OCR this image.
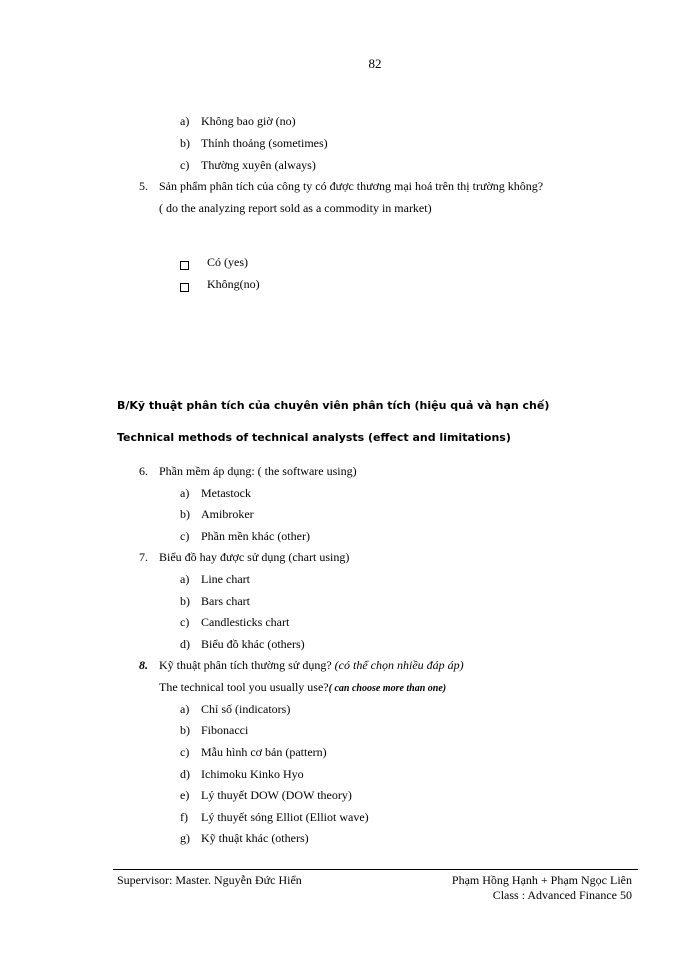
82
a) Không bao giờ (no)
b) Thỉnh thoảng (sometimes)
c) Thường xuyên (always)
5. Sản phẩm phân tích của công ty có được thương mại hoá trên thị trường không?
( do the analyzing report sold as a commodity in market)
Có (yes)
Không(no)
B/Kỹ thuật phân tích của chuyên viên phân tích (hiệu quả và hạn chế)
Technical methods of technical analysts (effect and limitations)
6. Phần mềm áp dụng: ( the software using)
a) Metastock
b) Amibroker
c) Phần mền khác (other)
7. Biểu đồ hay được sử dụng (chart using)
a) Line chart
b) Bars chart
c) Candlesticks chart
d) Biểu đồ khác (others)
8. Kỹ thuật phân tích thường sử dụng? (có thể chọn nhiều đáp áp)
The technical tool you usually use?( can choose more than one)
a) Chỉ số (indicators)
b) Fibonacci
c) Mẫu hình cơ bản (pattern)
d) Ichimoku Kinko Hyo
e) Lý thuyết DOW (DOW theory)
f) Lý thuyết sóng Elliot (Elliot wave)
g) Kỹ thuật khác (others)
Supervisor: Master. Nguyễn Đức Hiển	Phạm Hồng Hạnh + Phạm Ngọc Liên
Class : Advanced Finance 50
